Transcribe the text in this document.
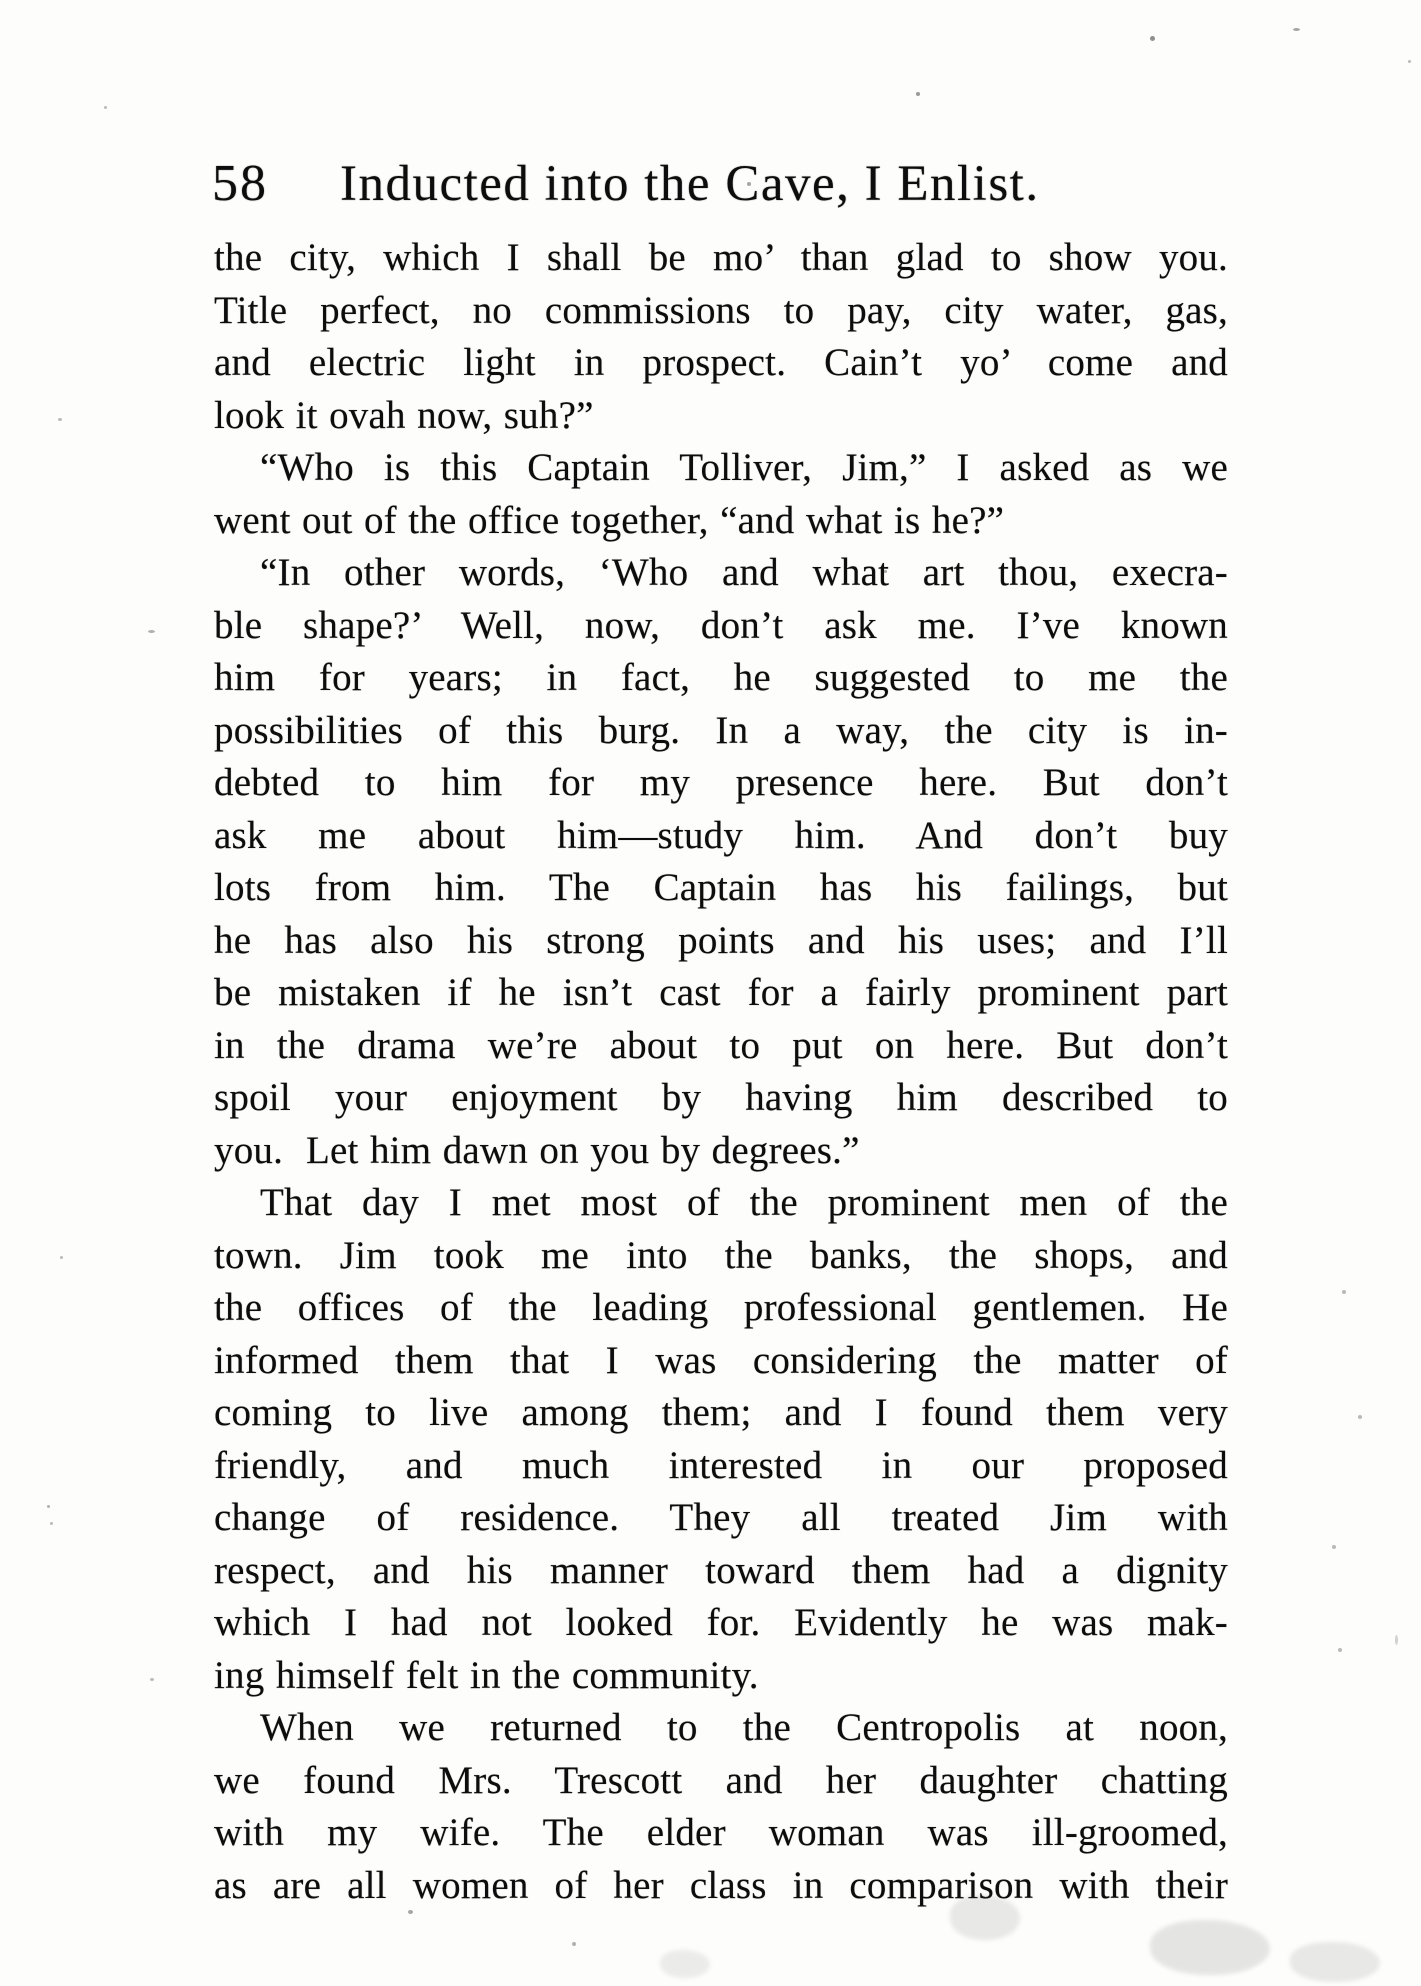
58 Inducted into the Cave, I Enlist.
the city, which I shall be mo’ than glad to show you.
Title perfect, no commissions to pay, city water, gas,
and electric light in prospect. Cain’t yo’ come and
look it ovah now, suh?”
“Who is this Captain Tolliver, Jim,” I asked as we
went out of the office together, “and what is he?”
“In other words, ‘Who and what art thou, execra-
ble shape?’ Well, now, don’t ask me. I’ve known
him for years; in fact, he suggested to me the
possibilities of this burg. In a way, the city is in-
debted to him for my presence here. But don’t
ask me about him—study him. And don’t buy
lots from him. The Captain has his failings, but
he has also his strong points and his uses; and I’ll
be mistaken if he isn’t cast for a fairly prominent part
in the drama we’re about to put on here. But don’t
spoil your enjoyment by having him described to
you.  Let him dawn on you by degrees.”
That day I met most of the prominent men of the
town. Jim took me into the banks, the shops, and
the offices of the leading professional gentlemen. He
informed them that I was considering the matter of
coming to live among them; and I found them very
friendly, and much interested in our proposed
change of residence. They all treated Jim with
respect, and his manner toward them had a dignity
which I had not looked for. Evidently he was mak-
ing himself felt in the community.
When we returned to the Centropolis at noon,
we found Mrs. Trescott and her daughter chatting
with my wife. The elder woman was ill-groomed,
as are all women of her class in comparison with their
